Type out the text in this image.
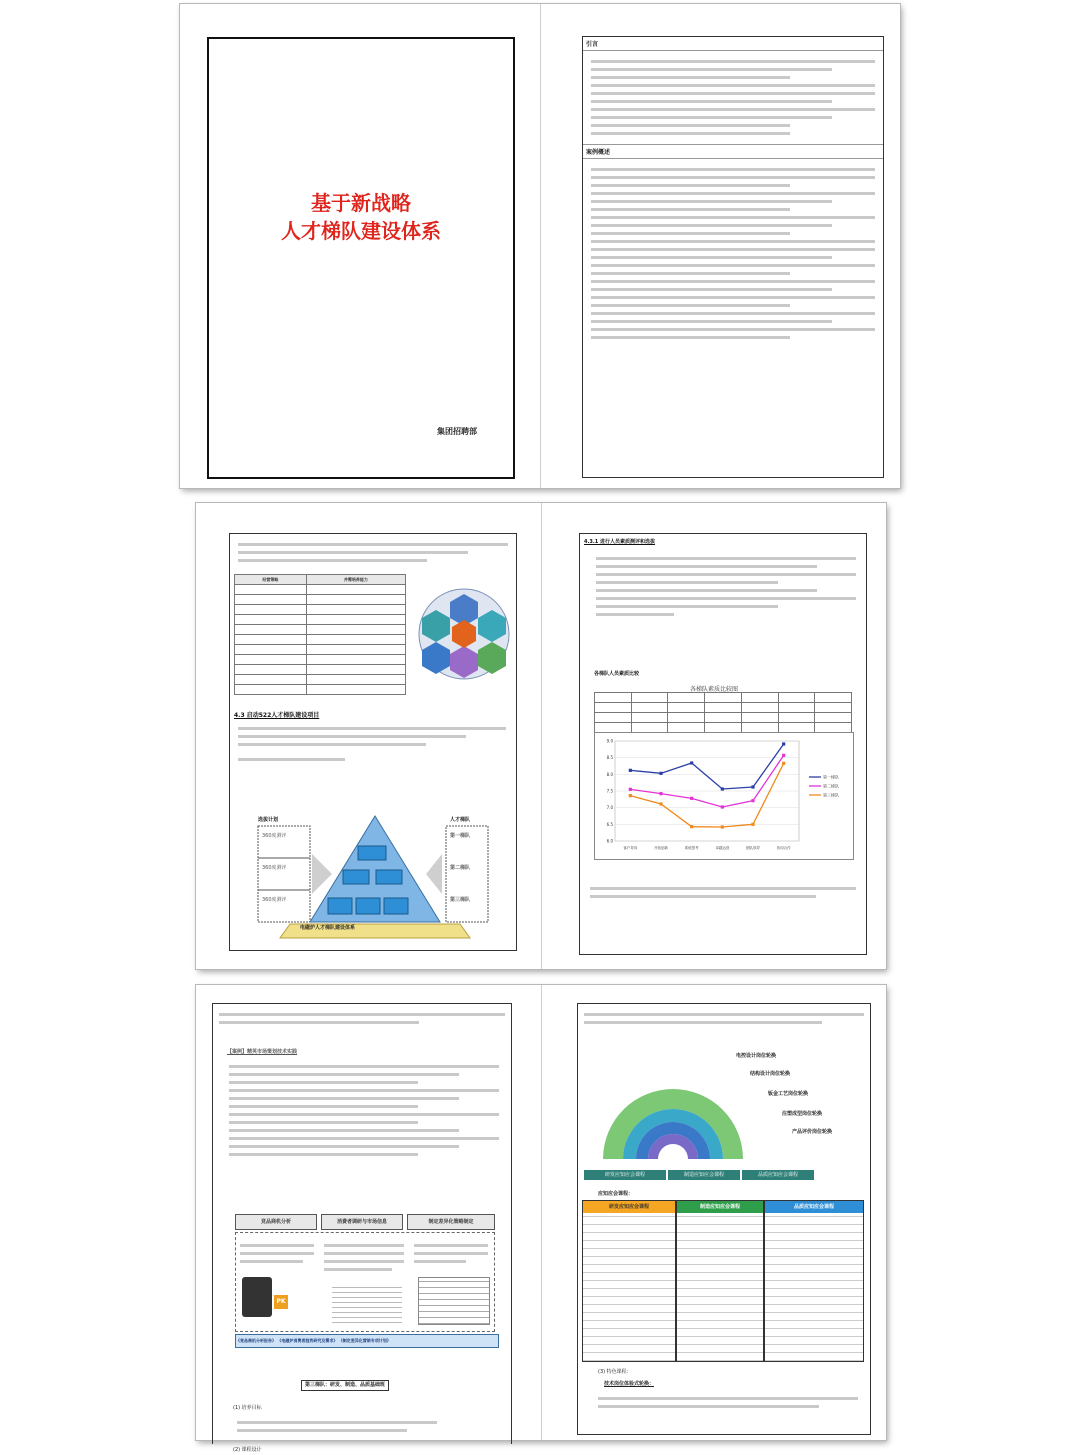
基于新战略
人才梯队建设体系
集团招聘部
引言
案例概述
经营策略	并需培养能力

4.3 启动522人才梯队建设项目
选拔计划	人才梯队
360度测评
360度测评
360度测评
第一梯队
第二梯队
第三梯队
电磁炉人才梯队建设体系
4.3.1 进行人员素质测评和选拔
各梯队人员素质比较
各梯队素质比较图

6.0
6.5
7.0
7.5
8.0
8.5
9.0
客户导向	开拓创新	系统思考	卓越运营	团队领导	协同合作
第一梯队
第二梯队
第三梯队
【案例】精英市场策划技术实践
竞品商机分析	消费者调研与市场信息	制定差异化策略制定
PK
《竞品商机分析报告》 《电磁炉消费者趋势研究及需求》 《制定差异化营销专项计划》
第三梯队：研发、制造、品质基础班
(1) 培养目标
(2) 课程设计
电控设计岗位轮换
结构设计岗位轮换
钣金工艺岗位轮换
注塑成型岗位轮换
产品评价岗位轮换
研发应知应会课程	制造应知应会课程	品质应知应会课程
应知应会课程：
研发应知应会课程	制造应知应会课程	品质应知应会课程
(3) 特色课程：
技术岗位体验式轮换：
